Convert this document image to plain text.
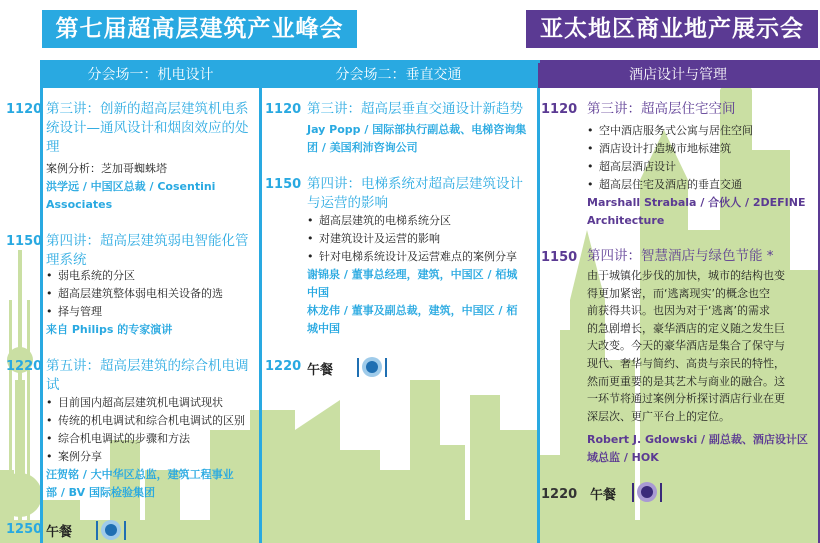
第七届超高层建筑产业峰会	亚太地区商业地产展示会
分会场一：机电设计	分会场二：垂直交通	酒店设计与管理
1120 第三讲：创新的超高层建筑机电系
统设计—通风设计和烟囱效应的处
理
案例分析：芝加哥蜘蛛塔
洪学远 / 中国区总裁 / Cosentini
Associates
1150 第四讲：超高层建筑弱电智能化管
理系统
• 弱电系统的分区
• 超高层建筑整体弱电相关设备的选
• 择与管理
来自 Philips 的专家演讲
1220 第五讲：超高层建筑的综合机电调
试
• 目前国内超高层建筑机电调试现状
• 传统的机电调试和综合机电调试的区别
• 综合机电调试的步骤和方法
• 案例分享
汪贺铭 / 大中华区总监，建筑工程事业
部 / BV 国际检验集团
1250 午餐
1120 第三讲：超高层垂直交通设计新趋势
Jay Popp / 国际部执行副总裁、电梯咨询集
团 / 美国利沛咨询公司
1150 第四讲：电梯系统对超高层建筑设计
与运营的影响
• 超高层建筑的电梯系统分区
• 对建筑设计及运营的影响
• 针对电梯系统设计及运营难点的案例分享
谢锦泉 / 董事总经理，建筑，中国区 / 栢城
中国
林龙伟 / 董事及副总裁，建筑，中国区 / 栢
城中国
1220 午餐
1120 第三讲：超高层住宅空间
• 空中酒店服务式公寓与居住空间
• 酒店设计打造城市地标建筑
• 超高层酒店设计
• 超高层住宅及酒店的垂直交通
Marshall Strabala / 合伙人 / 2DEFINE
Architecture
1150 第四讲：智慧酒店与绿色节能 *
由于城镇化步伐的加快，城市的结构也变
得更加紧密，而‘逃离现实’的概念也空
前获得共识。也因为对于‘逃离’的需求
的急剧增长，豪华酒店的定义随之发生巨
大改变。今天的豪华酒店是集合了保守与
现代、奢华与简约、高贵与亲民的特性，
然而更重要的是其艺术与商业的融合。这
一环节将通过案例分析探讨酒店行业在更
深层次、更广平台上的定位。
Robert J. Gdowski / 副总裁、酒店设计区
域总监 / HOK
1220 午餐
